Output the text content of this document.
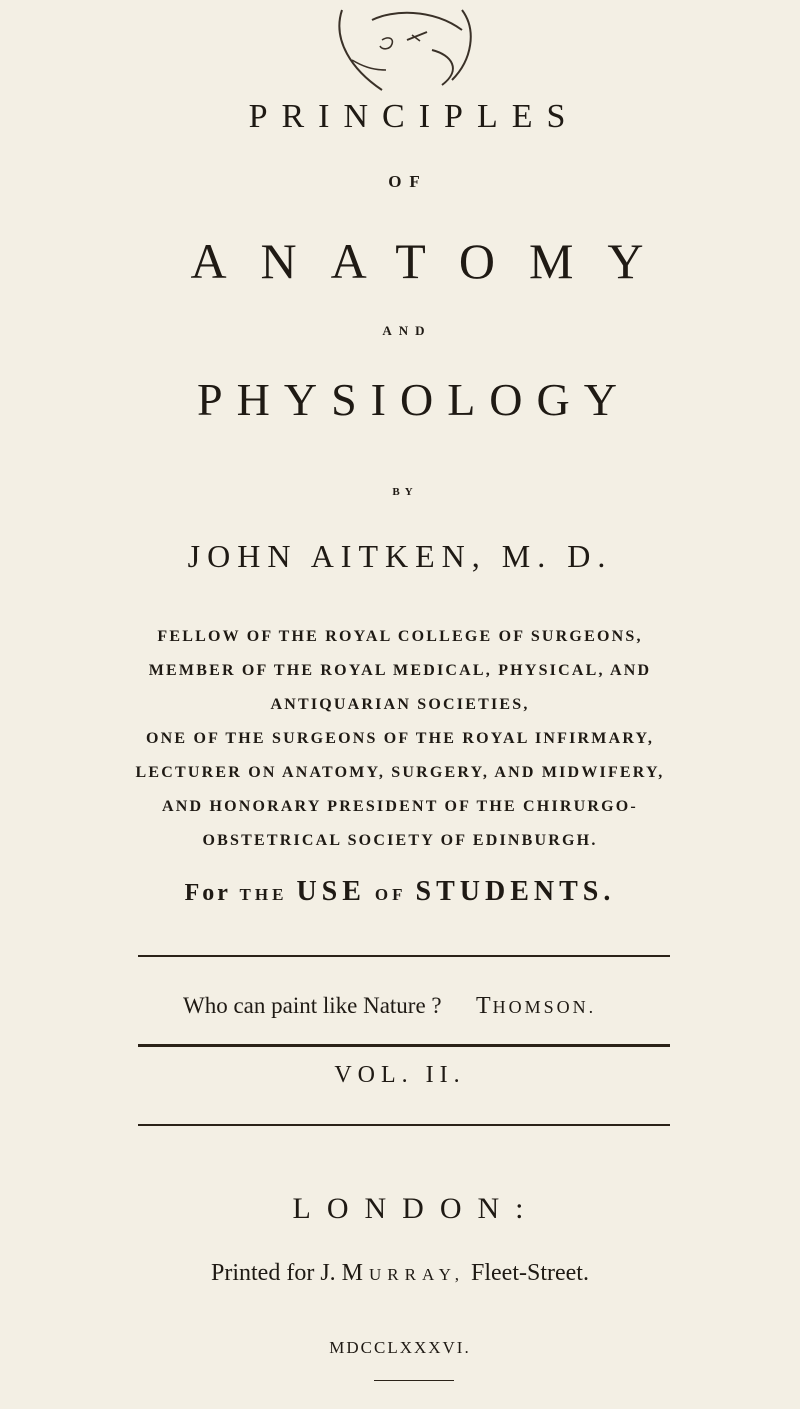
PRINCIPLES
OF
ANATOMY
AND
PHYSIOLOGY
BY
JOHN AITKEN, M. D.
FELLOW OF THE ROYAL COLLEGE OF SURGEONS,
MEMBER OF THE ROYAL MEDICAL, PHYSICAL, AND
ANTIQUARIAN SOCIETIES,
ONE OF THE SURGEONS OF THE ROYAL INFIRMARY,
LECTURER ON ANATOMY, SURGERY, AND MIDWIFERY,
AND HONORARY PRESIDENT OF THE CHIRURGO-
OBSTETRICAL SOCIETY OF EDINBURGH.
For THE USE OF STUDENTS.
Who can paint like Nature ? THOMSON.
VOL. II.
LONDON:
Printed for J. MURRAY, Fleet-Street.
MDCCLXXXVI.
